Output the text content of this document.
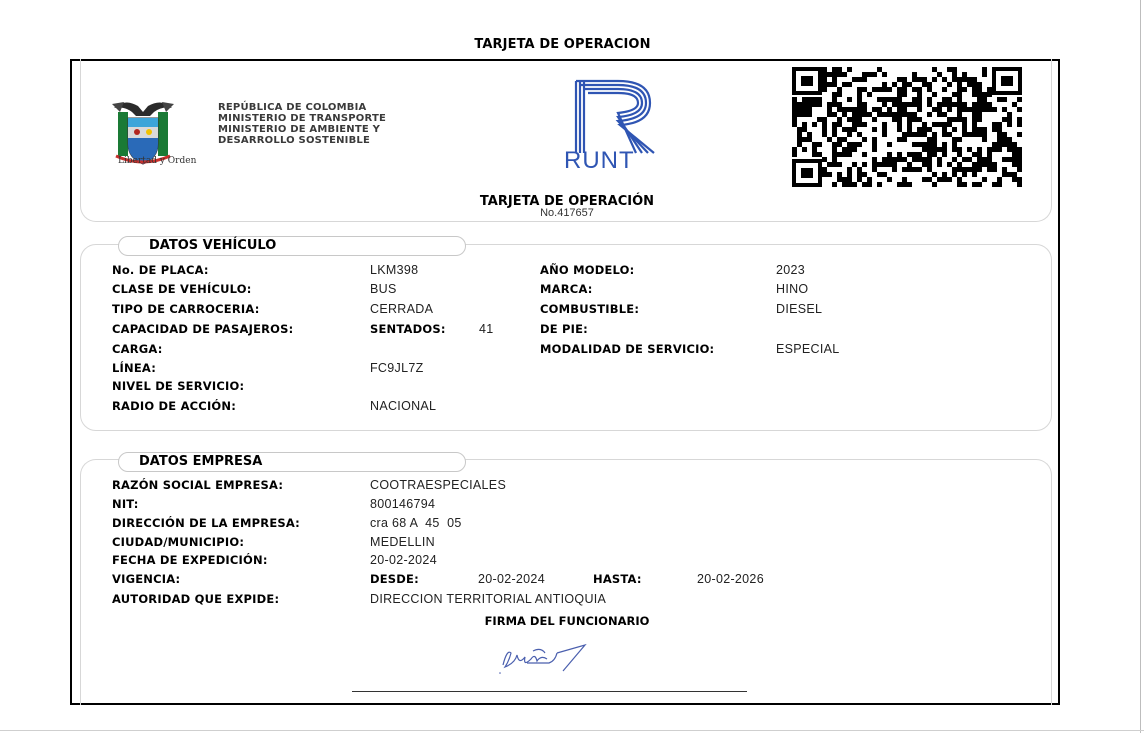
TARJETA DE OPERACION
Libertad y Orden
REPÚBLICA DE COLOMBIA
MINISTERIO DE TRANSPORTE
MINISTERIO DE AMBIENTE Y
DESARROLLO SOSTENIBLE
RUNT
TARJETA DE OPERACIÓN
No.417657
DATOS VEHÍCULO
No. DE PLACA:	LKM398	AÑO MODELO:	2023
CLASE DE VEHÍCULO:	BUS	MARCA:	HINO
TIPO DE CARROCERIA:	CERRADA	COMBUSTIBLE:	DIESEL
CAPACIDAD DE PASAJEROS:	SENTADOS:	41	DE PIE:
CARGA:	MODALIDAD DE SERVICIO:	ESPECIAL
LÍNEA:	FC9JL7Z
NIVEL DE SERVICIO:
RADIO DE ACCIÓN:	NACIONAL
DATOS EMPRESA
RAZÓN SOCIAL EMPRESA:	COOTRAESPECIALES
NIT:	800146794
DIRECCIÓN DE LA EMPRESA:	cra 68 A  45  05
CIUDAD/MUNICIPIO:	MEDELLIN
FECHA DE EXPEDICIÓN:	20-02-2024
VIGENCIA:	DESDE:	20-02-2024	HASTA:	20-02-2026
AUTORIDAD QUE EXPIDE:	DIRECCION TERRITORIAL ANTIOQUIA
FIRMA DEL FUNCIONARIO
